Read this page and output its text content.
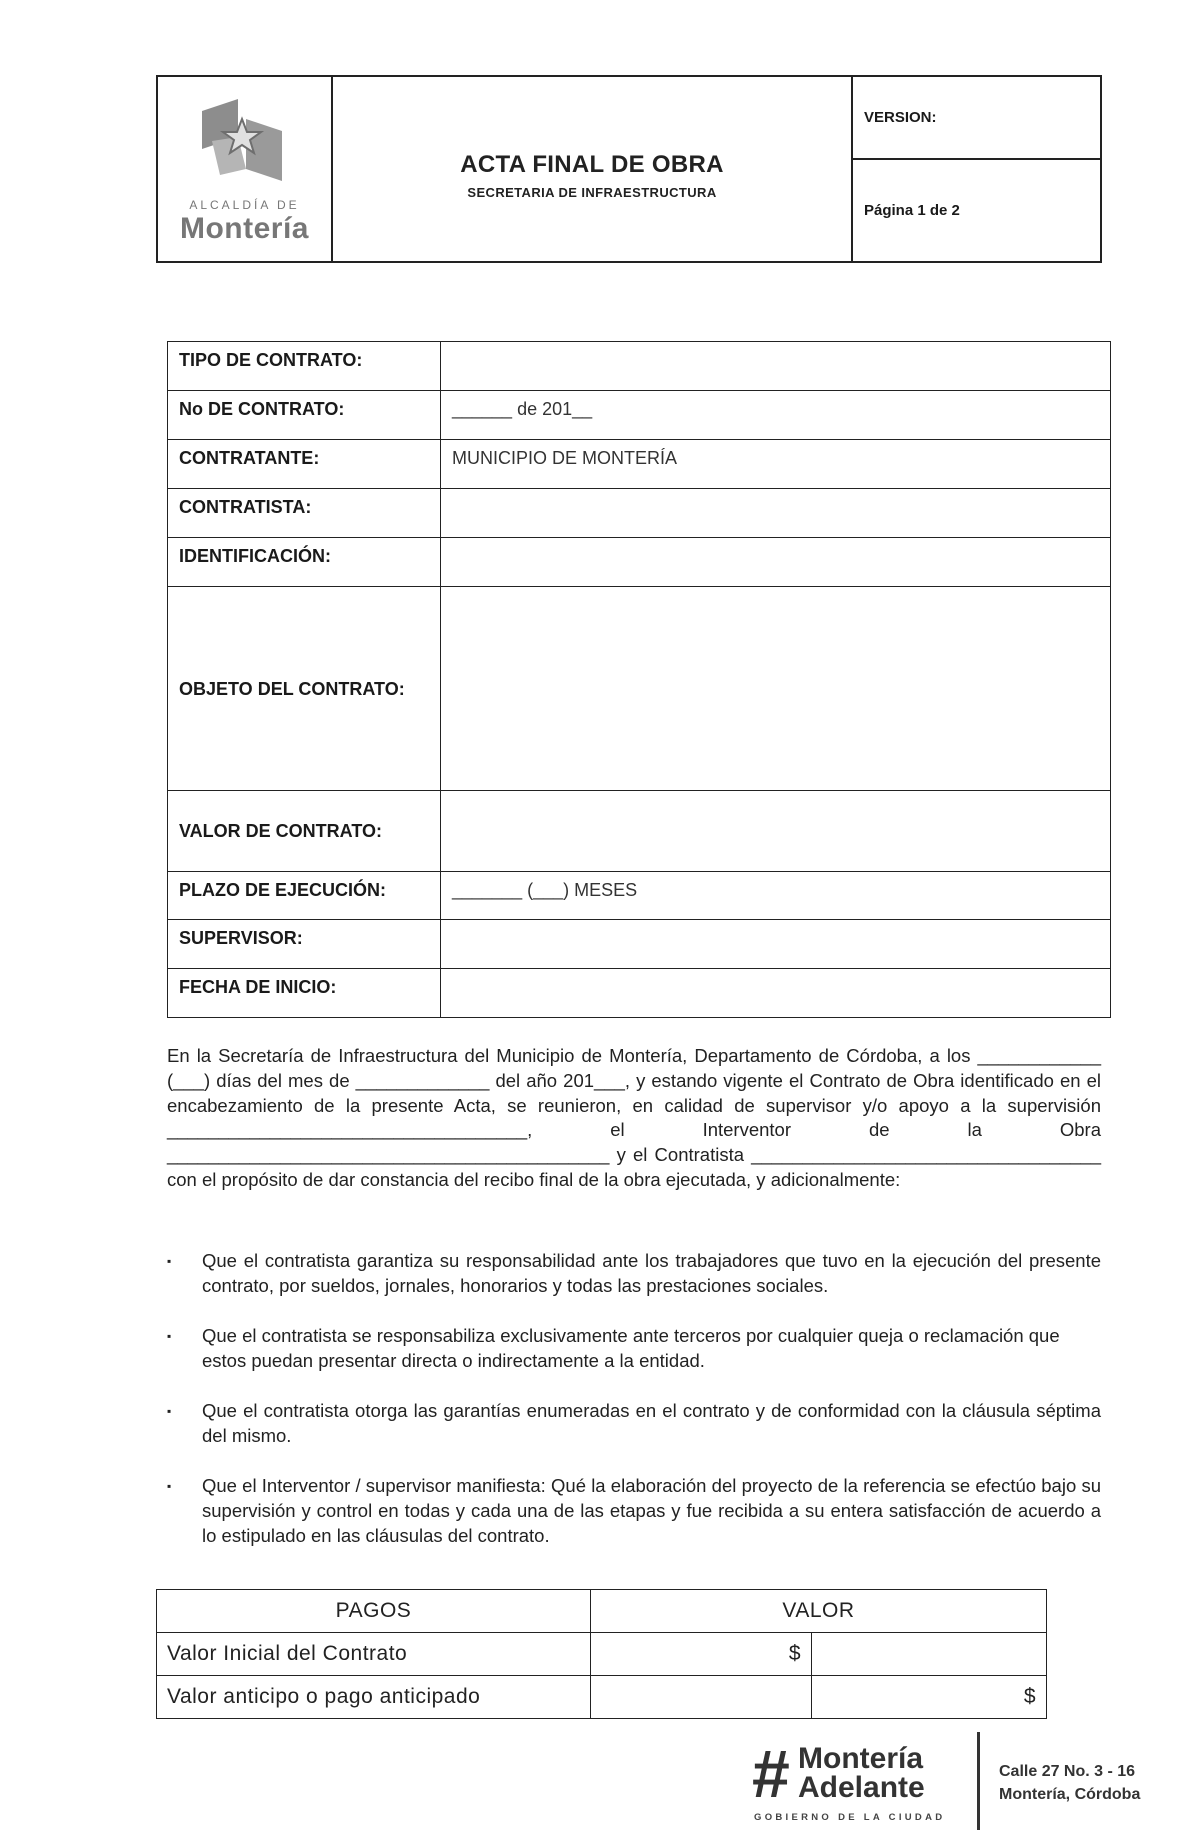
ALCALDÍA DE
Montería
ACTA FINAL DE OBRA
SECRETARIA DE INFRAESTRUCTURA
VERSION:
Página 1 de 2
TIPO DE CONTRATO:	
No DE CONTRATO:	______ de 201__
CONTRATANTE:	MUNICIPIO DE MONTERÍA
CONTRATISTA:	
IDENTIFICACIÓN:	
OBJETO DEL CONTRATO:	
VALOR DE CONTRATO:	
PLAZO DE EJECUCIÓN:	_______ (___) MESES
SUPERVISOR:	
FECHA DE INICIO:	
En la Secretaría de Infraestructura del Municipio de Montería, Departamento de Córdoba, a los ____________ (___) días del mes de _____________ del año 201___, y estando vigente el Contrato de Obra identificado en el encabezamiento de la presente Acta, se reunieron, en calidad de supervisor y/o apoyo a la supervisión ___________________________________, el Interventor de la Obra ___________________________________________ y el Contratista __________________________________ con el propósito de dar constancia del recibo final de la obra ejecutada, y adicionalmente:
▪ Que el contratista garantiza su responsabilidad ante los trabajadores que tuvo en la ejecución del presente contrato, por sueldos, jornales, honorarios y todas las prestaciones sociales.
▪ Que el contratista se responsabiliza exclusivamente ante terceros por cualquier queja o reclamación que estos puedan presentar directa o indirectamente a la entidad.
▪ Que el contratista otorga las garantías enumeradas en el contrato y de conformidad con la cláusula séptima del mismo.
▪ Que el Interventor / supervisor manifiesta: Qué la elaboración del proyecto de la referencia se efectúo bajo su supervisión y control en todas y cada una de las etapas y fue recibida a su entera satisfacción de acuerdo a lo estipulado en las cláusulas del contrato.
PAGOS	VALOR	
Valor Inicial del Contrato	$	
Valor anticipo o pago anticipado		$
# Montería
Adelante
GOBIERNO DE LA CIUDAD
Calle 27 No. 3 - 16
Montería, Córdoba
